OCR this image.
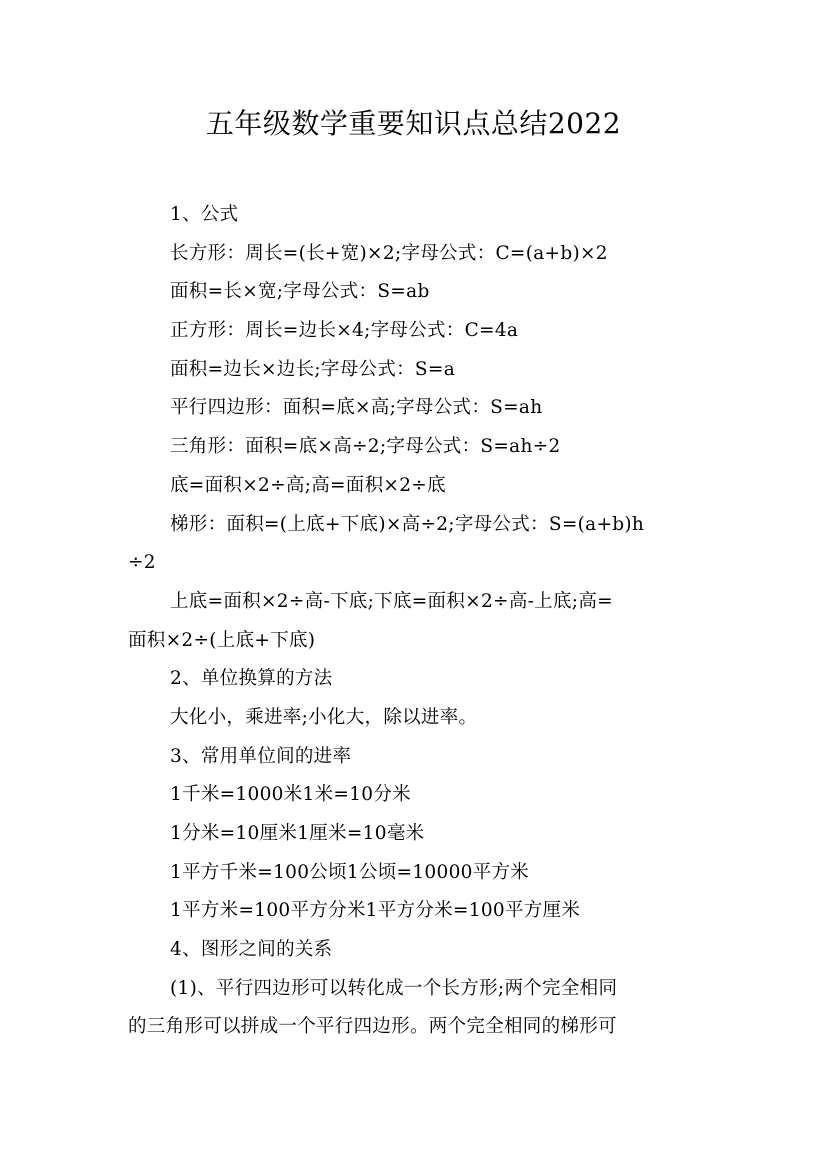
五年级数学重要知识点总结2022

1、公式

长方形：周长=(长+宽)×2;字母公式：C=(a+b)×2

面积=长×宽;字母公式：S=ab

正方形：周长=边长×4;字母公式：C=4a

面积=边长×边长;字母公式：S=a

平行四边形：面积=底×高;字母公式：S=ah

三角形：面积=底×高÷2;字母公式：S=ah÷2

底=面积×2÷高;高=面积×2÷底

梯形：面积=(上底+下底)×高÷2;字母公式：S=(a+b)h

÷2

上底=面积×2÷高-下底;下底=面积×2÷高-上底;高=

面积×2÷(上底+下底)

2、单位换算的方法

大化小，乘进率;小化大，除以进率。

3、常用单位间的进率

1千米=1000米1米=10分米

1分米=10厘米1厘米=10毫米

1平方千米=100公顷1公顷=10000平方米

1平方米=100平方分米1平方分米=100平方厘米

4、图形之间的关系

(1)、平行四边形可以转化成一个长方形;两个完全相同

的三角形可以拼成一个平行四边形。两个完全相同的梯形可
